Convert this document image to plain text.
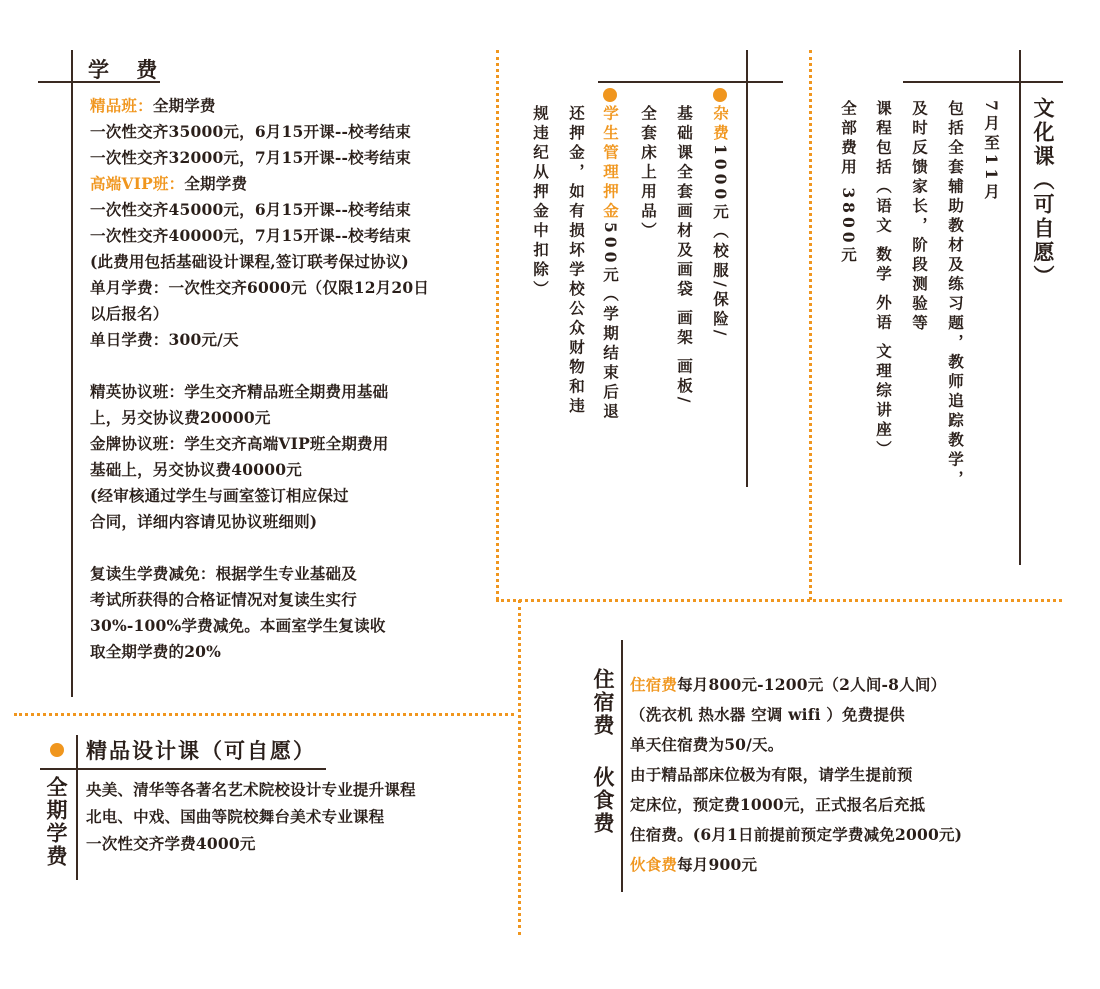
学 费
精品班：全期学费
一次性交齐35000元，6月15开课--校考结束
一次性交齐32000元，7月15开课--校考结束
高端VIP班：全期学费
一次性交齐45000元，6月15开课--校考结束
一次性交齐40000元，7月15开课--校考结束
(此费用包括基础设计课程,签订联考保过协议)
单月学费：一次性交齐6000元（仅限12月20日
以后报名）
单日学费：300元/天

精英协议班：学生交齐精品班全期费用基础
上，另交协议费20000元
金牌协议班：学生交齐高端VIP班全期费用
基础上，另交协议费40000元
(经审核通过学生与画室签订相应保过
合同，详细内容请见协议班细则)

复读生学费减免：根据学生专业基础及
考试所获得的合格证情况对复读生实行
30%-100%学费减免。本画室学生复读收
取全期学费的20%
精品设计课（可自愿）
全期学费 央美、清华等各著名艺术院校设计专业提升课程
北电、中戏、国曲等院校舞台美术专业课程
一次性交齐学费4000元
杂费1000元（校服/保险/
基础课全套画材及画袋 画架 画板/
全套床上用品）
学生管理押金500元（学期结束后退
还押金，如有损坏学校公众财物和违
规违纪从押金中扣除）	文化课（可自愿）
7月至11月
包括全套辅助教材及练习题，教师追踪教学，
及时反馈家长，阶段测验等
课程包括（语文 数学 外语 文理综讲座）
全部费用 3800元
住宿费
伙食费
住宿费每月800元-1200元（2人间-8人间）
（洗衣机 热水器 空调 wifi ）免费提供
单天住宿费为50/天。
由于精品部床位极为有限，请学生提前预
定床位，预定费1000元，正式报名后充抵
住宿费。(6月1日前提前预定学费减免2000元)
伙食费每月900元
